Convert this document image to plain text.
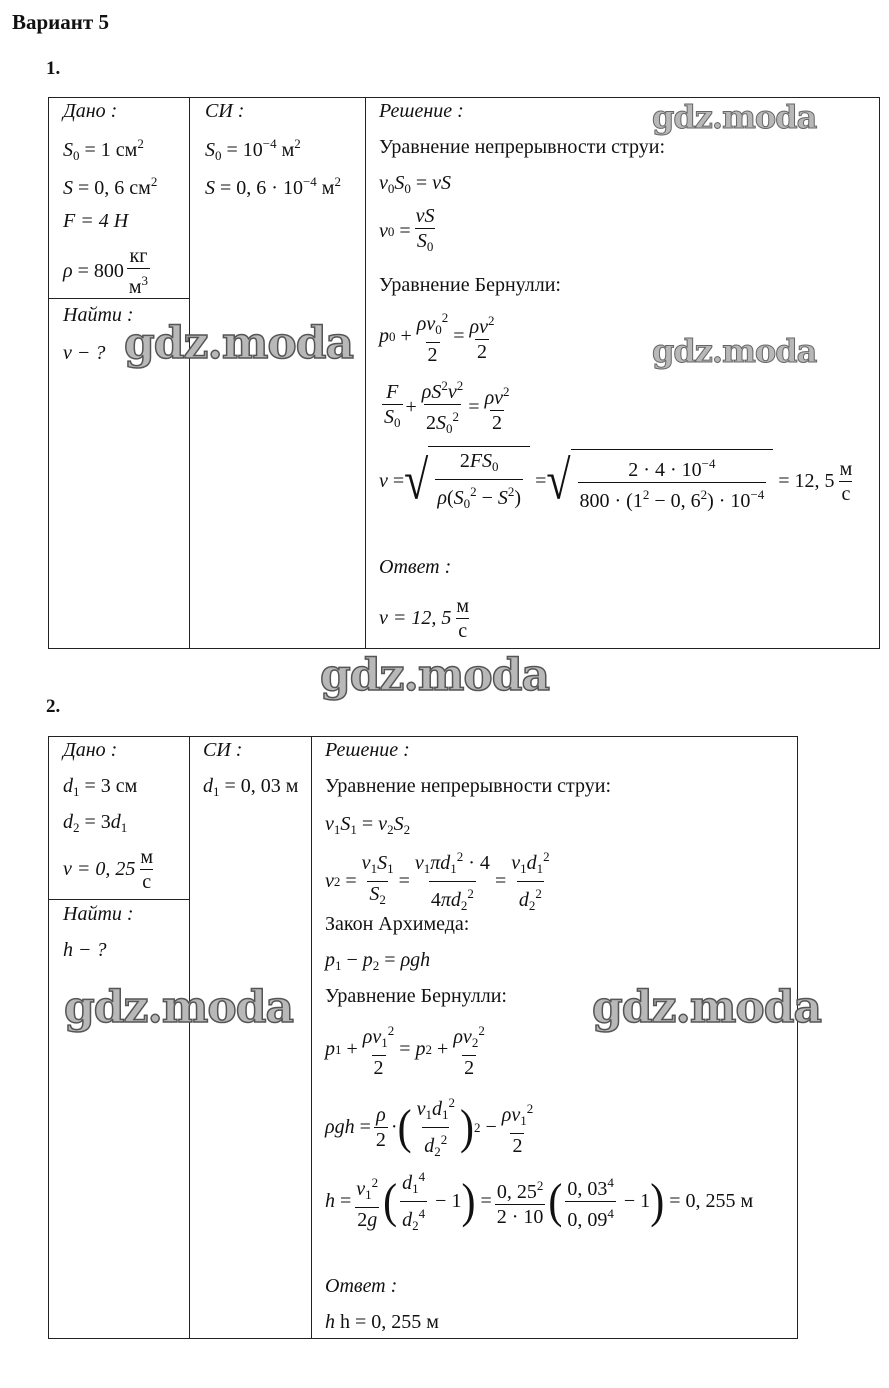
Вариант 5
1.
Дано :
$S_0 = 1$ $см^2$
S = 0, 6 $см^2$
F = 4 Н
ρ
= $800 \frac{кг}{м^3}$
Найти :
v − ?
СИ :
$S_0 = 10^{-4}$ $м^2$
S = 0, $6 \cdot 10^{-4}$ $м^2$
Решение :
Уравнение непрерывности струи:
$v_0S_0$ = vS
v $0 = \frac{vS}{S_0}$
Уравнение Бернулли:
p $0 + \frac{\rho v_0^2}{2} = \frac{\rho v^2}{2}$
$\frac{F}{S_0} + \frac{\rho S^2v^2}{2S_0^2} = \frac{\rho v^2}{2}$
v = √ $\frac{2FS_0}{\rho(S_0^2 - S^2)}$ = √ $\frac{2 \cdot 4 \cdot 10^{-4}}{800 \cdot (1^2 - 0, 6^2) \cdot 10^{-4}}$
= 12, $5 \frac{м}{с}$
Ответ :
v = 12, $5 \frac{м}{с}$
2.
Дано :
$d_1 = 3$ см
$d_2 = 3d_1$
v = 0, $25 \frac{м}{с}$
Найти :
h − ?
СИ :
$d_1 = 0$, 03 м
Решение :
Уравнение непрерывности струи:
$v_1S_1 = v_2S_2$
v $2 = \frac{v_1S_1}{S_2} = \frac{v_1\pi d_1^2 \cdot 4}{4\pi d_2^2} = \frac{v_1d_1^2}{d_2^2}$
Закон Архимеда:
$p_1 - p_2 = \rho gh$
Уравнение Бернулли:
p $1 + \frac{\rho v_1^2}{2} = p$ $2 + \frac{\rho v_2^2}{2}$
$\rho gh = \frac{\rho}{2}$ · ( $\frac{v_1d_1^2}{d_2^2}$ ) $2 - \frac{\rho v_1^2}{2}$
$h = \frac{v_1^2}{2g}$ ( $\frac{d_1^4}{d_2^4} - 1$ ) = $\frac{0, 25^2}{2 \cdot 10}$ ( $\frac{0, 03^4}{0, 09^4} - 1$ )
= 0, 255 м
Ответ :
h h = 0, 255 м
gdz.moda
gdz.moda	gdz.moda
gdz.moda
gdz.moda	gdz.moda
